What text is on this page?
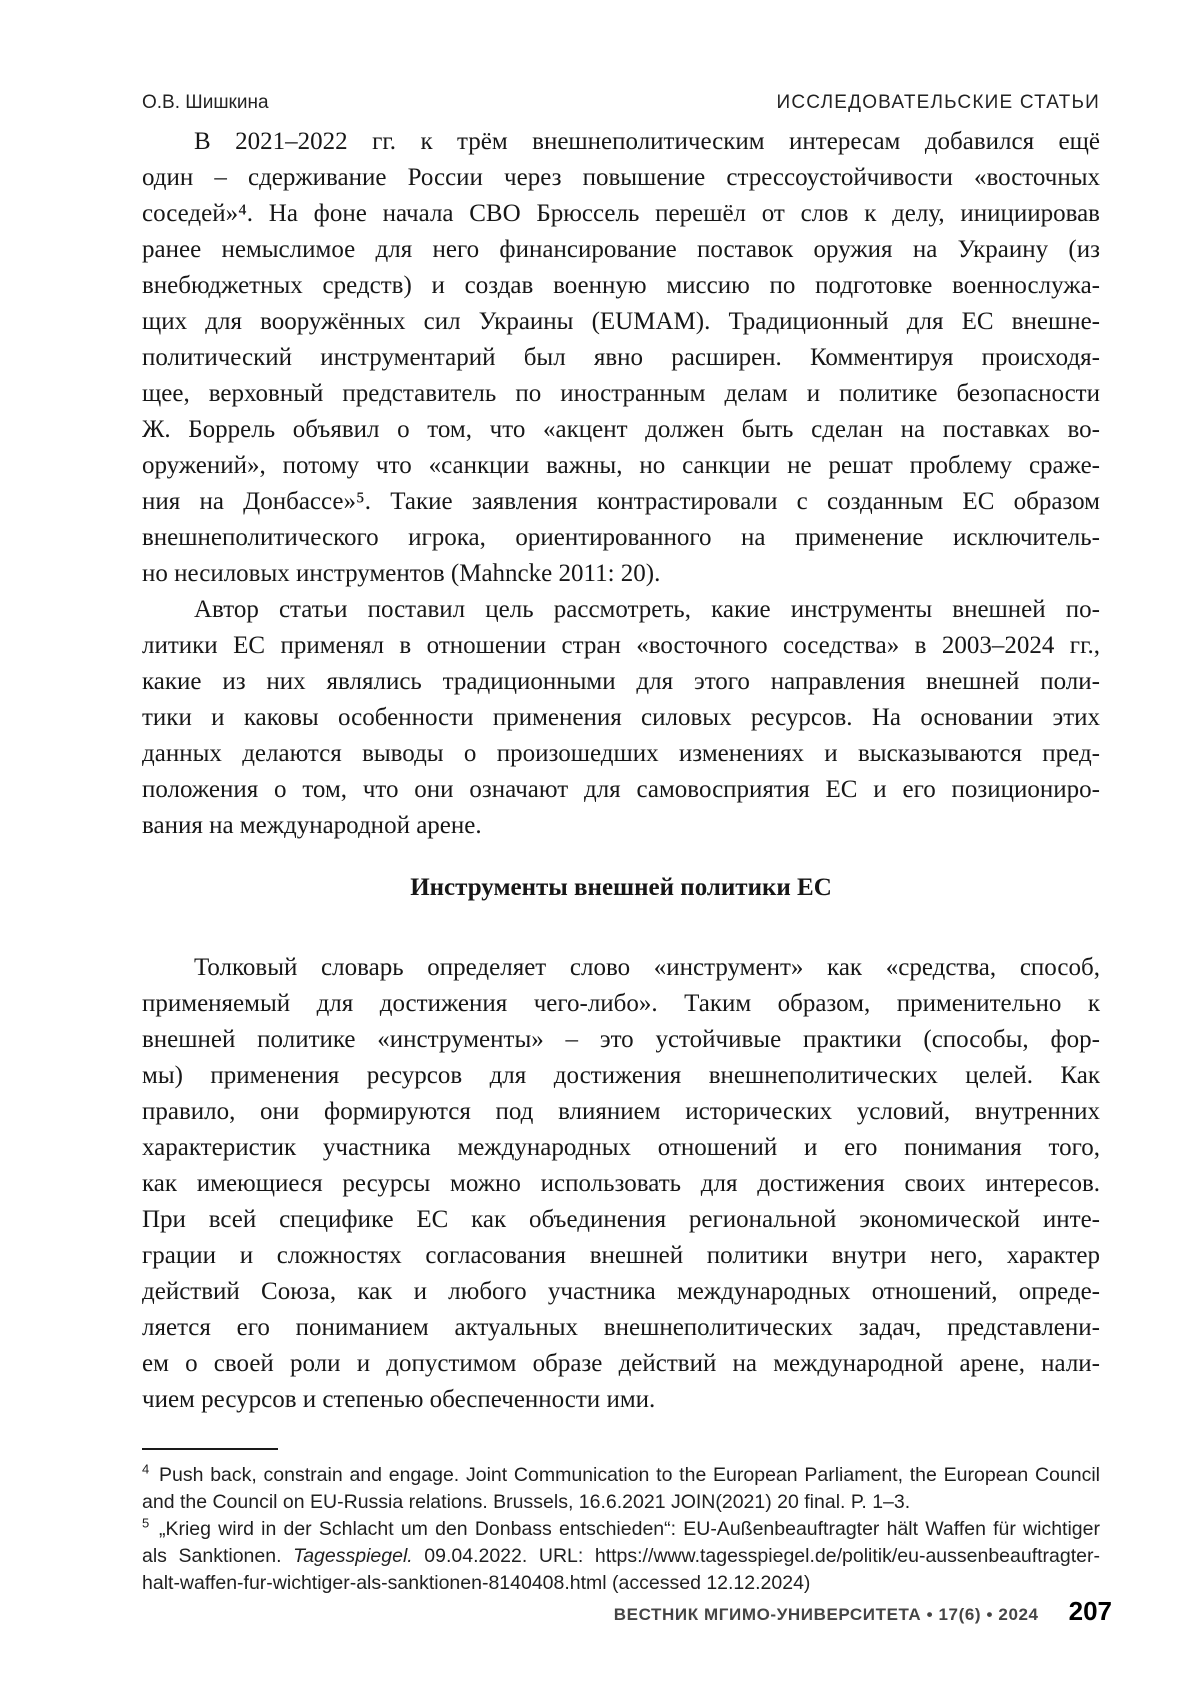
О.В. Шишкина	ИССЛЕДОВАТЕЛЬСКИЕ СТАТЬИ
В 2021–2022 гг. к трём внешнеполитическим интересам добавился ещё
один – сдерживание России через повышение стрессоустойчивости «восточных
соседей»⁴. На фоне начала СВО Брюссель перешёл от слов к делу, инициировав
ранее немыслимое для него финансирование поставок оружия на Украину (из
внебюджетных средств) и создав военную миссию по подготовке военнослужа-
щих для вооружённых сил Украины (EUMAM). Традиционный для ЕС внешне-
политический инструментарий был явно расширен. Комментируя происходя-
щее, верховный представитель по иностранным делам и политике безопасности
Ж. Боррель объявил о том, что «акцент должен быть сделан на поставках во-
оружений», потому что «санкции важны, но санкции не решат проблему сраже-
ния на Донбассе»⁵. Такие заявления контрастировали с созданным ЕС образом
внешнеполитического игрока, ориентированного на применение исключитель-
но несиловых инструментов (Mahncke 2011: 20).
Автор статьи поставил цель рассмотреть, какие инструменты внешней по-
литики ЕС применял в отношении стран «восточного соседства» в 2003–2024 гг.,
какие из них являлись традиционными для этого направления внешней поли-
тики и каковы особенности применения силовых ресурсов. На основании этих
данных делаются выводы о произошедших изменениях и высказываются пред-
положения о том, что они означают для самовосприятия ЕС и его позициониро-
вания на международной арене.
Инструменты внешней политики ЕС
Толковый словарь определяет слово «инструмент» как «средства, способ,
применяемый для достижения чего-либо». Таким образом, применительно к
внешней политике «инструменты» – это устойчивые практики (способы, фор-
мы) применения ресурсов для достижения внешнеполитических целей. Как
правило, они формируются под влиянием исторических условий, внутренних
характеристик участника международных отношений и его понимания того,
как имеющиеся ресурсы можно использовать для достижения своих интересов.
При всей специфике ЕС как объединения региональной экономической инте-
грации и сложностях согласования внешней политики внутри него, характер
действий Союза, как и любого участника международных отношений, опреде-
ляется его пониманием актуальных внешнеполитических задач, представлени-
ем о своей роли и допустимом образе действий на международной арене, нали-
чием ресурсов и степенью обеспеченности ими.
$^4$  Push back, constrain and engage. Joint Communication to the European Parliament, the European Council and the Council on EU-Russia relations. Brussels, 16.6.2021 JOIN(2021) 20 final. P. 1–3.
$^5$  „Krieg wird in der Schlacht um den Donbass entschieden“: EU-Außenbeauftragter hält Waffen für wichtiger als Sanktionen. Tagesspiegel. 09.04.2022. URL: https://www.tagesspiegel.de/politik/eu-aussenbeauftragter-halt-waffen-fur-wichtiger-als-sanktionen-8140408.html (accessed 12.12.2024)
ВЕСТНИК МГИМО-УНИВЕРСИТЕТА • 17(6) • 2024 207
